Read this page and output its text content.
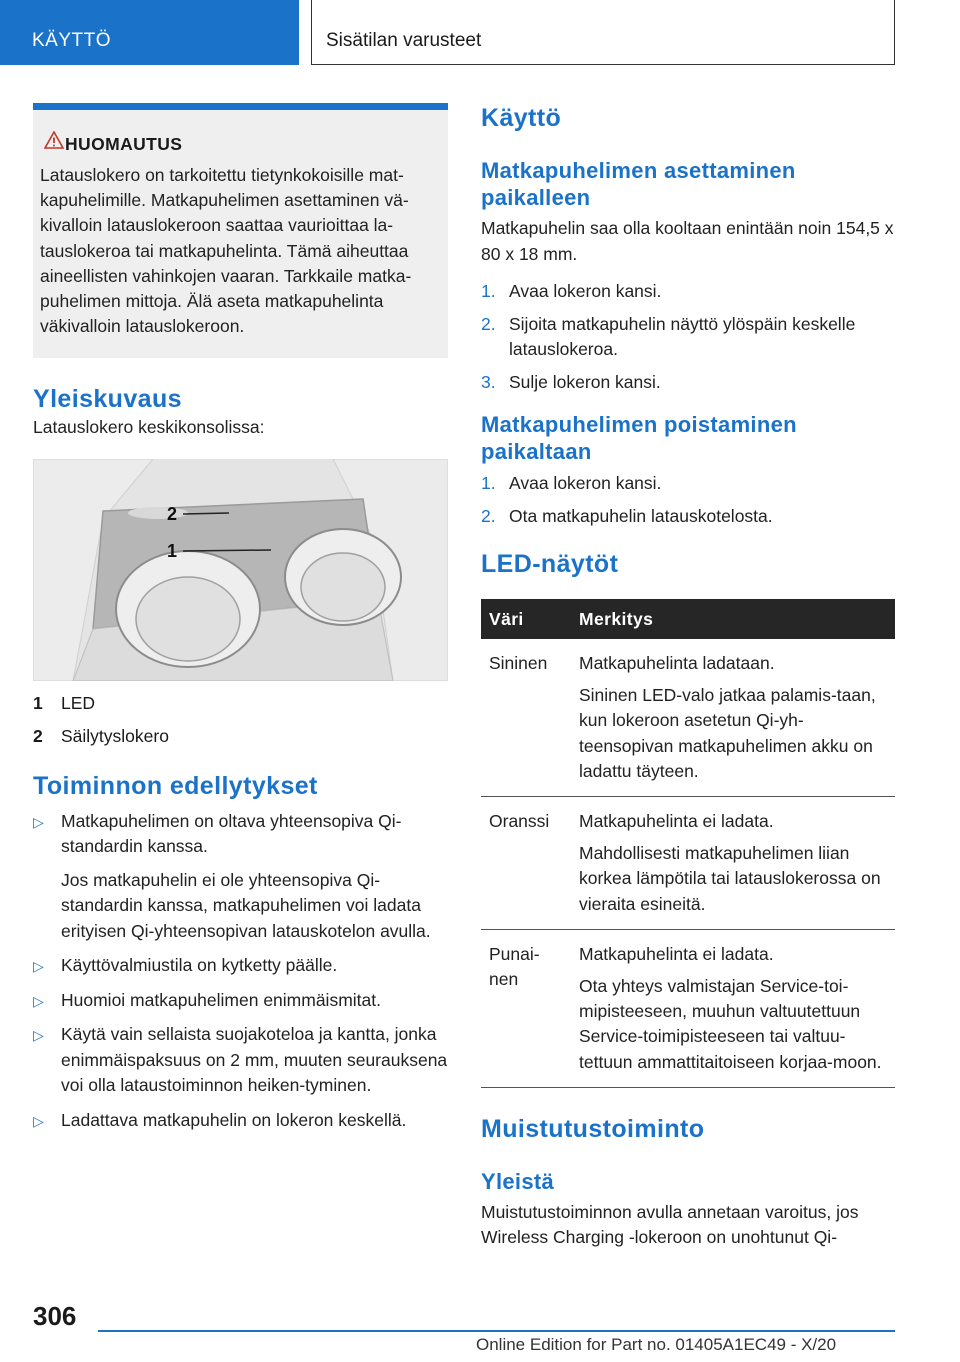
KÄYTTÖ	Sisätilan varusteet
HUOMAUTUS

Latauslokero on tarkoitettu tietynkokoisille mat-kapuhelimille. Matkapuhelimen asettaminen vä-kivalloin latauslokeroon saattaa vaurioittaa la-tauslokeroa tai matkapuhelinta. Tämä aiheuttaa aineellisten vahinkojen vaaran. Tarkkaile matka-puhelimen mittoja. Älä aseta matkapuhelinta väkivalloin latauslokeroon.

Yleiskuvaus

Latauslokero keskikonsolissa:

2
1
1	LED
2	Säilytyslokero
Toiminnon edellytykset
▷ Matkapuhelimen on oltava yhteensopiva Qi-standardin kanssa.

Jos matkapuhelin ei ole yhteensopiva Qi-standardin kanssa, matkapuhelimen voi ladata erityisen Qi-yhteensopivan latauskotelon avulla.

▷ Käyttövalmiustila on kytketty päälle.

▷ Huomioi matkapuhelimen enimmäismitat.

▷ Käytä vain sellaista suojakoteloa ja kantta, jonka enimmäispaksuus on 2 mm, muuten seurauksena voi olla lataustoiminnon heiken-tyminen.

▷ Ladattava matkapuhelin on lokeron keskellä.

Käyttö
Matkapuhelimen asettaminen paikalleen

Matkapuhelin saa olla kooltaan enintään noin 154,5 x 80 x 18 mm.

1. Avaa lokeron kansi.
2. Sijoita matkapuhelin näyttö ylöspäin keskelle latauslokeroa.
3. Sulje lokeron kansi.
Matkapuhelimen poistaminen paikaltaan
1. Avaa lokeron kansi.
2. Ota matkapuhelin latauskotelosta.
LED-näytöt
Väri	Merkitys
Sininen	Matkapuhelinta ladataan.

Sininen LED-valo jatkaa palamis-taan, kun lokeroon asetetun Qi-yh-teensopivan matkapuhelimen akku on ladattu täyteen.

Oranssi	Matkapuhelinta ei ladata.

Mahdollisesti matkapuhelimen liian korkea lämpötila tai latauslokerossa on vieraita esineitä.

Punai-nen	Matkapuhelinta ei ladata.

Ota yhteys valmistajan Service-toi-mipisteeseen, muuhun valtuutettuun Service-toimipisteeseen tai valtuu-tettuun ammattitaitoiseen korjaa-moon.

Muistutustoiminto
Yleistä

Muistutustoiminnon avulla annetaan varoitus, jos Wireless Charging -lokeroon on unohtunut Qi-

306
Online Edition for Part no. 01405A1EC49 - X/20
